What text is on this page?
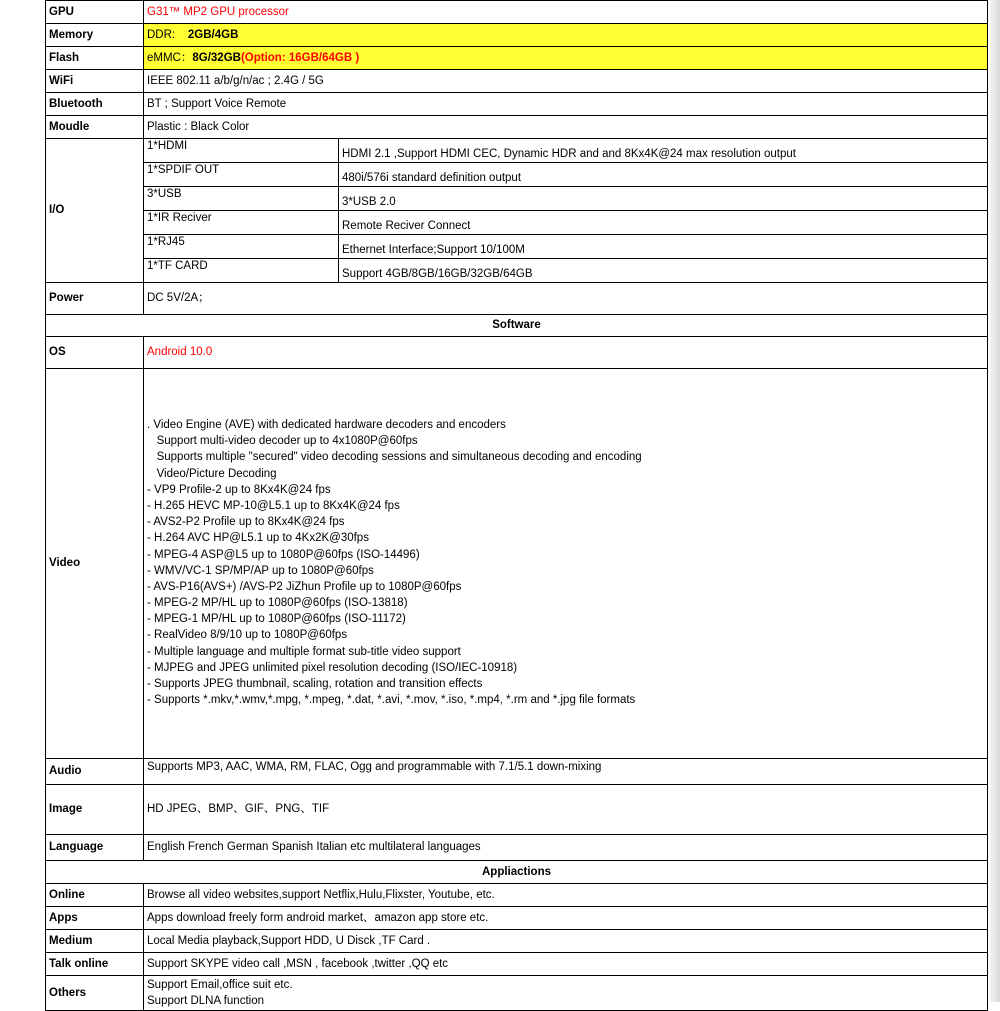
GPU	G31™ MP2 GPU processor
Memory	DDR: 2GB/4GB
Flash	eMMC：8G/32GB(Option: 16GB/64GB )
WiFi	IEEE 802.11 a/b/g/n/ac ; 2.4G / 5G
Bluetooth	BT ; Support Voice Remote
Moudle	Plastic : Black Color
I/O	
1*HDMI	HDMI 2.1 ,Support HDMI CEC, Dynamic HDR and and 8Kx4K@24 max resolution output
1*SPDIF OUT	480i/576i standard definition output
3*USB	3*USB 2.0
1*IR Reciver	Remote Reciver Connect
1*RJ45	Ethernet Interface;Support 10/100M
1*TF CARD	Support 4GB/8GB/16GB/32GB/64GB

Power	DC 5V/2A；
Software
OS	Android 10.0
Video	
. Video Engine (AVE) with dedicated hardware decoders and encoders
Support multi-video decoder up to 4x1080P@60fps
Supports multiple "secured" video decoding sessions and simultaneous decoding and encoding
Video/Picture Decoding
- VP9 Profile-2 up to 8Kx4K@24 fps
- H.265 HEVC MP-10@L5.1 up to 8Kx4K@24 fps
- AVS2-P2 Profile up to 8Kx4K@24 fps
- H.264 AVC HP@L5.1 up to 4Kx2K@30fps
- MPEG-4 ASP@L5 up to 1080P@60fps (ISO-14496)
- WMV/VC-1 SP/MP/AP up to 1080P@60fps
- AVS-P16(AVS+) /AVS-P2 JiZhun Profile up to 1080P@60fps
- MPEG-2 MP/HL up to 1080P@60fps (ISO-13818)
- MPEG-1 MP/HL up to 1080P@60fps (ISO-11172)
- RealVideo 8/9/10 up to 1080P@60fps
- Multiple language and multiple format sub-title video support
- MJPEG and JPEG unlimited pixel resolution decoding (ISO/IEC-10918)
- Supports JPEG thumbnail, scaling, rotation and transition effects
- Supports *.mkv,*.wmv,*.mpg, *.mpeg, *.dat, *.avi, *.mov, *.iso, *.mp4, *.rm and *.jpg file formats

Audio	Supports MP3, AAC, WMA, RM, FLAC, Ogg and programmable with 7.1/5.1 down-mixing
Image	HD JPEG、BMP、GIF、PNG、TIF
Language	English French German Spanish Italian etc multilateral languages
Appliactions
Online	Browse all video websites,support Netflix,Hulu,Flixster, Youtube, etc.
Apps	Apps download freely form android market、amazon app store etc.
Medium	Local Media playback,Support HDD, U Disck ,TF Card .
Talk online	Support SKYPE video call ,MSN , facebook ,twitter ,QQ etc
Others	
Support Email,office suit etc.
Support DLNA function
